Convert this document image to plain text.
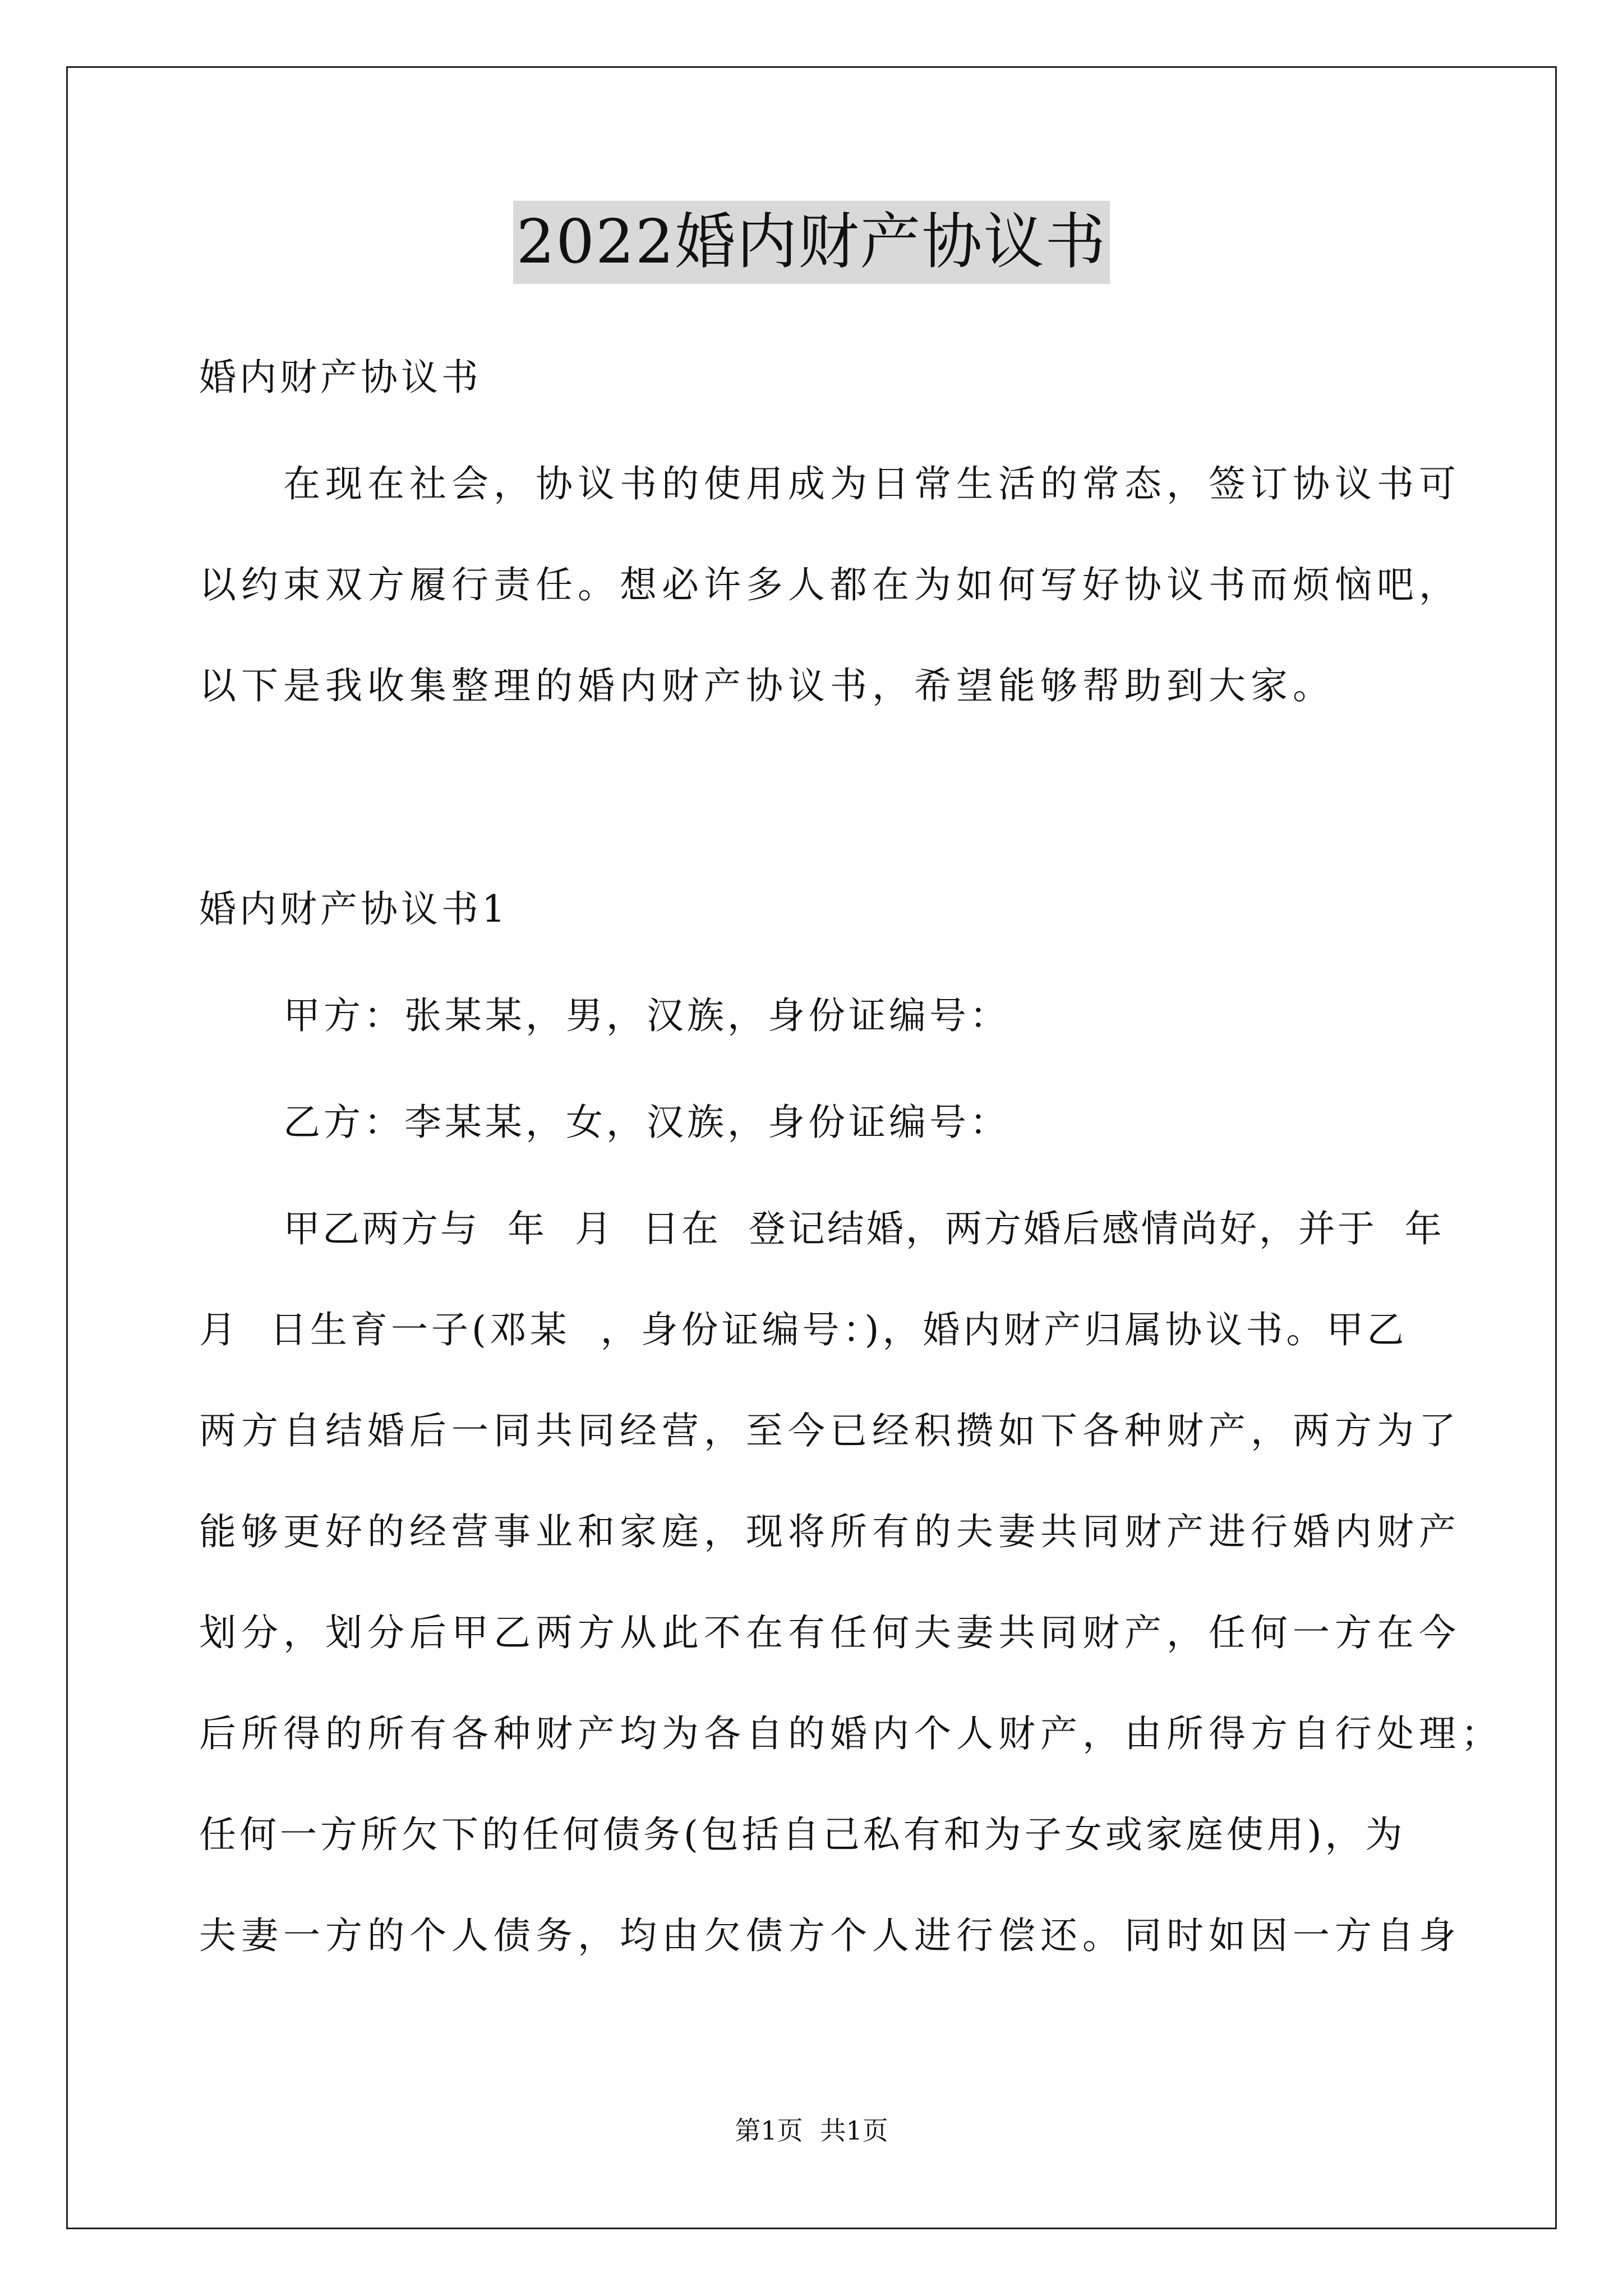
2022婚内财产协议书
婚内财产协议书
在现在社会，协议书的使用成为日常生活的常态，签订协议书可
以约束双方履行责任。想必许多人都在为如何写好协议书而烦恼吧，
以下是我收集整理的婚内财产协议书，希望能够帮助到大家。
婚内财产协议书1
甲方：张某某，男，汉族，身份证编号：
乙方：李某某，女，汉族，身份证编号：
甲乙两方与  年  月  日在  登记结婚，两方婚后感情尚好，并于  年
月  日生育一子(邓某  ，身份证编号：)，婚内财产归属协议书。甲乙
两方自结婚后一同共同经营，至今已经积攒如下各种财产，两方为了
能够更好的经营事业和家庭，现将所有的夫妻共同财产进行婚内财产
划分，划分后甲乙两方从此不在有任何夫妻共同财产，任何一方在今
后所得的所有各种财产均为各自的婚内个人财产，由所得方自行处理；
任何一方所欠下的任何债务(包括自己私有和为子女或家庭使用)，为
夫妻一方的个人债务，均由欠债方个人进行偿还。同时如因一方自身
第1页 共1页
